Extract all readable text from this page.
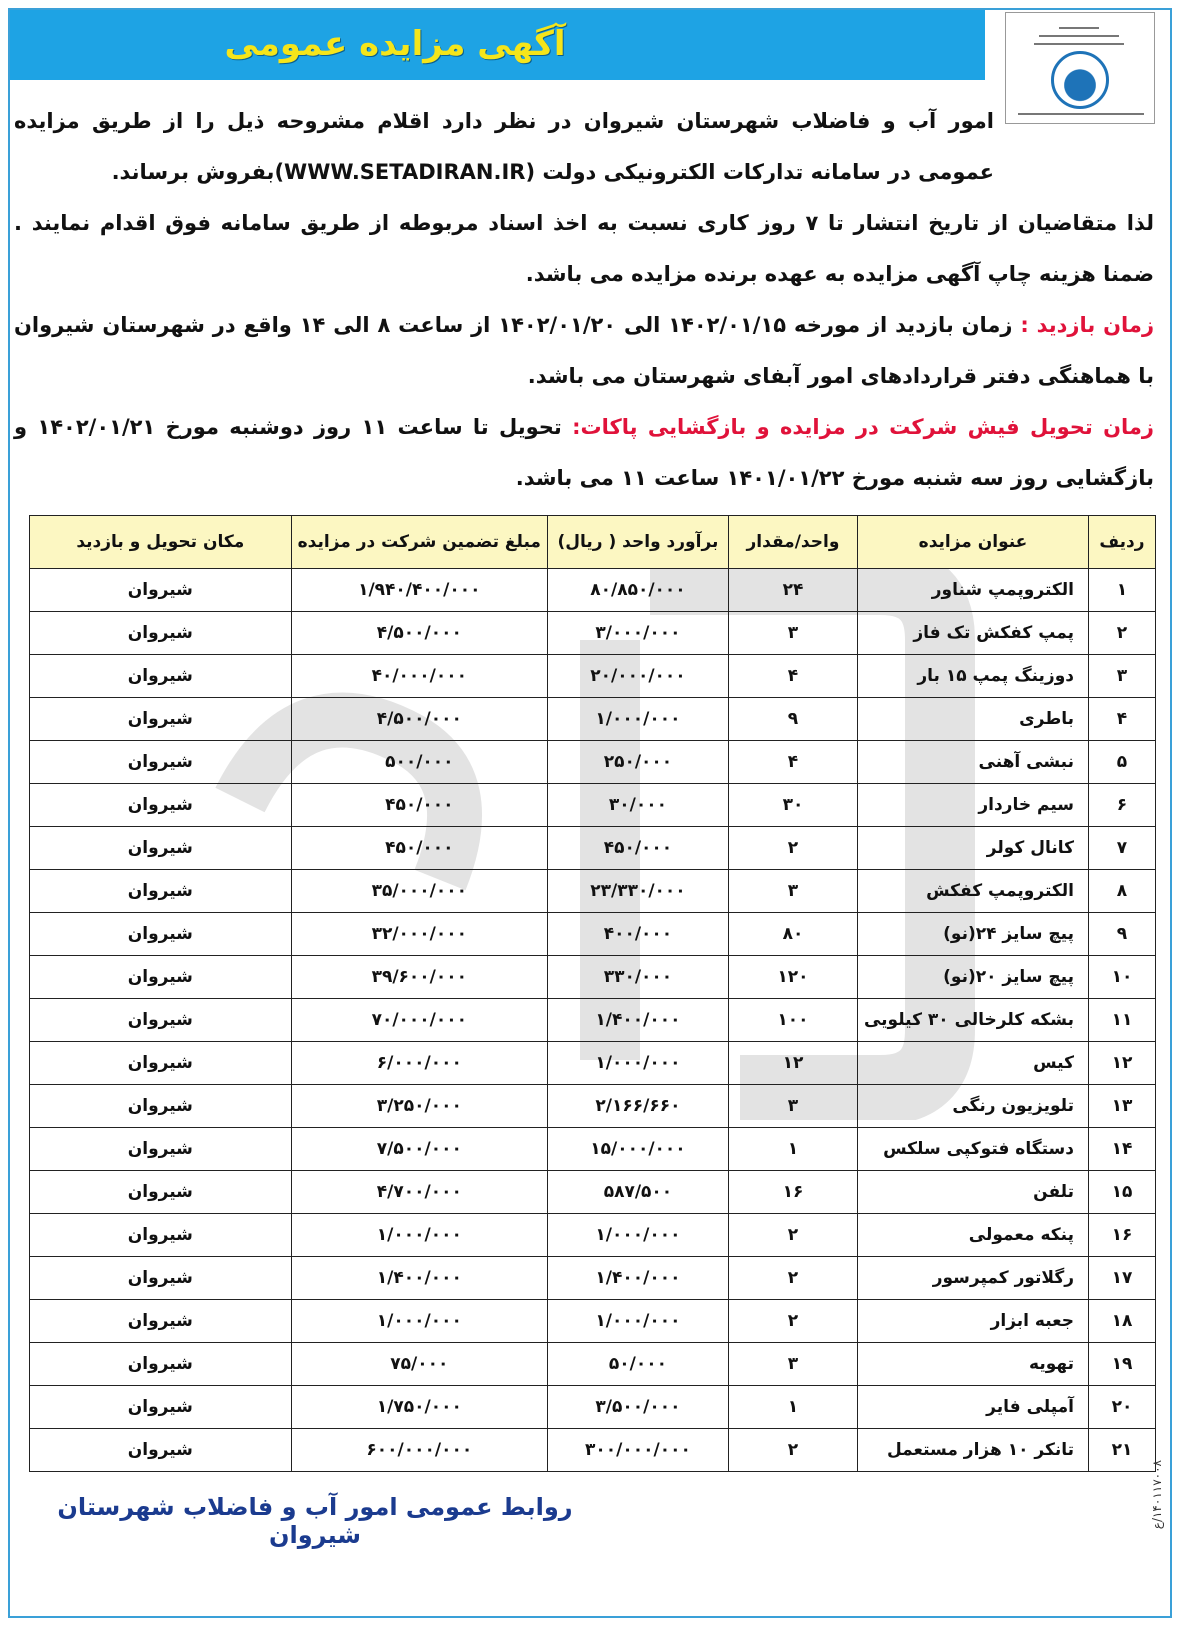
آگهی مزایده عمومی

امور آب و فاضلاب شهرستان شیروان در نظر دارد اقلام مشروحه ذیل را از طریق مزایده عمومی در سامانه تدارکات الکترونیکی دولت (WWW.SETADIRAN.IR)بفروش برساند.

لذا متقاضیان از تاریخ انتشار تا ۷ روز کاری نسبت به اخذ اسناد مربوطه از طریق سامانه فوق اقدام نمایند . ضمنا هزینه چاپ آگهی مزایده به عهده برنده مزایده می باشد.

زمان بازدید : زمان بازدید از مورخه ۱۴۰۲/۰۱/۱۵ الی ۱۴۰۲/۰۱/۲۰ از ساعت ۸ الی ۱۴ واقع در شهرستان شیروان با هماهنگی دفتر قراردادهای امور آبفای شهرستان می باشد.

زمان تحویل فیش شرکت در مزایده و بازگشایی پاکات: تحویل تا ساعت ۱۱ روز دوشنبه مورخ ۱۴۰۲/۰۱/۲۱ و بازگشایی روز سه شنبه مورخ ۱۴۰۱/۰۱/۲۲ ساعت ۱۱ می باشد.

ردیف	عنوان مزایده	واحد/مقدار	برآورد واحد ( ریال)	مبلغ تضمین شرکت در مزایده	مکان تحویل و بازدید
۱	الکتروپمپ شناور	۲۴	۸۰/۸۵۰/۰۰۰	۱/۹۴۰/۴۰۰/۰۰۰	شیروان
۲	پمپ کفکش تک فاز	۳	۳/۰۰۰/۰۰۰	۴/۵۰۰/۰۰۰	شیروان
۳	دوزینگ پمپ ۱۵ بار	۴	۲۰/۰۰۰/۰۰۰	۴۰/۰۰۰/۰۰۰	شیروان
۴	باطری	۹	۱/۰۰۰/۰۰۰	۴/۵۰۰/۰۰۰	شیروان
۵	نبشی آهنی	۴	۲۵۰/۰۰۰	۵۰۰/۰۰۰	شیروان
۶	سیم خاردار	۳۰	۳۰/۰۰۰	۴۵۰/۰۰۰	شیروان
۷	کانال کولر	۲	۴۵۰/۰۰۰	۴۵۰/۰۰۰	شیروان
۸	الکتروپمپ کفکش	۳	۲۳/۳۳۰/۰۰۰	۳۵/۰۰۰/۰۰۰	شیروان
۹	پیچ سایز ۲۴(نو)	۸۰	۴۰۰/۰۰۰	۳۲/۰۰۰/۰۰۰	شیروان
۱۰	پیچ سایز ۲۰(نو)	۱۲۰	۳۳۰/۰۰۰	۳۹/۶۰۰/۰۰۰	شیروان
۱۱	بشکه کلرخالی ۳۰ کیلویی	۱۰۰	۱/۴۰۰/۰۰۰	۷۰/۰۰۰/۰۰۰	شیروان
۱۲	کیس	۱۲	۱/۰۰۰/۰۰۰	۶/۰۰۰/۰۰۰	شیروان
۱۳	تلویزیون رنگی	۳	۲/۱۶۶/۶۶۰	۳/۲۵۰/۰۰۰	شیروان
۱۴	دستگاه فتوکپی سلکس	۱	۱۵/۰۰۰/۰۰۰	۷/۵۰۰/۰۰۰	شیروان
۱۵	تلفن	۱۶	۵۸۷/۵۰۰	۴/۷۰۰/۰۰۰	شیروان
۱۶	پنکه معمولی	۲	۱/۰۰۰/۰۰۰	۱/۰۰۰/۰۰۰	شیروان
۱۷	رگلاتور کمپرسور	۲	۱/۴۰۰/۰۰۰	۱/۴۰۰/۰۰۰	شیروان
۱۸	جعبه ابزار	۲	۱/۰۰۰/۰۰۰	۱/۰۰۰/۰۰۰	شیروان
۱۹	تهویه	۳	۵۰/۰۰۰	۷۵/۰۰۰	شیروان
۲۰	آمپلی فایر	۱	۳/۵۰۰/۰۰۰	۱/۷۵۰/۰۰۰	شیروان
۲۱	تانکر ۱۰ هزار مستعمل	۲	۳۰۰/۰۰۰/۰۰۰	۶۰۰/۰۰۰/۰۰۰	شیروان

روابط عمومی امور آب و فاضلاب شهرستان شیروان	۱۴۰۱۱۷۰۰۸/ع
